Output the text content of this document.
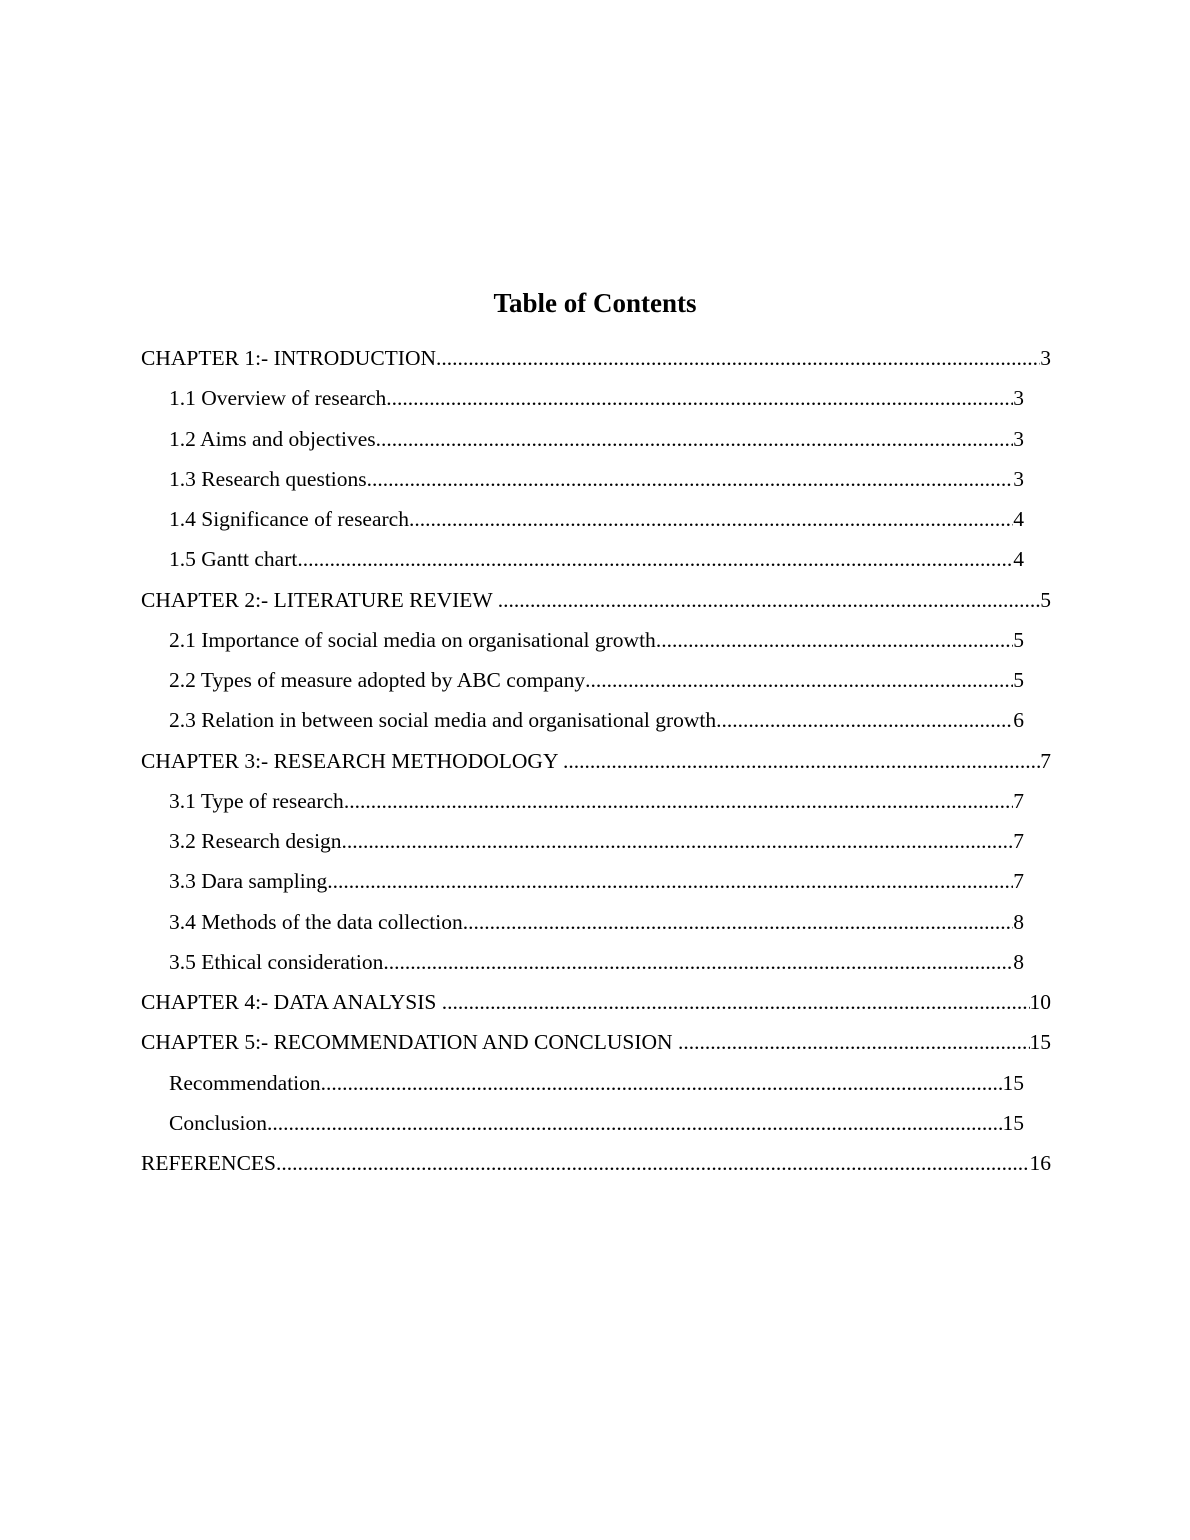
Table of Contents
CHAPTER 1:- INTRODUCTION .....	3
1.1 Overview of research .....	3
1.2 Aims and objectives .....	3
1.3 Research questions .....	3
1.4 Significance of research .....	4
1.5 Gantt chart .....	4
CHAPTER 2:- LITERATURE REVIEW .....	5
2.1 Importance of social media on organisational growth .....	5
2.2 Types of measure adopted by ABC company .....	5
2.3 Relation in between social media and organisational growth .....	6
CHAPTER 3:- RESEARCH METHODOLOGY .....	7
3.1 Type of research .....	7
3.2 Research design .....	7
3.3 Dara sampling .....	7
3.4 Methods of the data collection .....	8
3.5 Ethical consideration .....	8
CHAPTER 4:- DATA ANALYSIS .....	10
CHAPTER 5:- RECOMMENDATION AND CONCLUSION .....	15
Recommendation .....	15
Conclusion .....	15
REFERENCES .....	16
